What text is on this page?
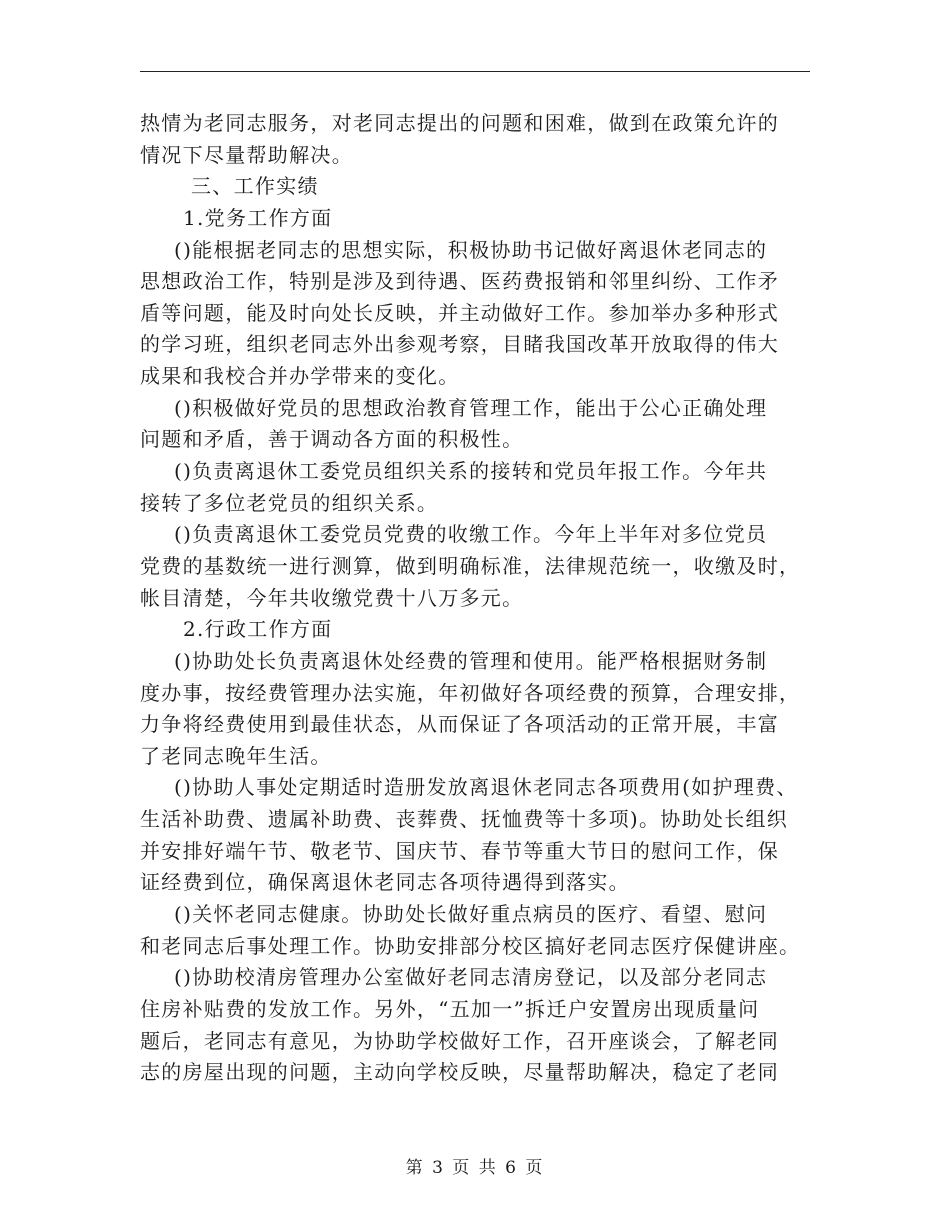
热情为老同志服务，对老同志提出的问题和困难，做到在政策允许的
情况下尽量帮助解决。
三、工作实绩
1.党务工作方面
()能根据老同志的思想实际，积极协助书记做好离退休老同志的
思想政治工作，特别是涉及到待遇、医药费报销和邻里纠纷、工作矛
盾等问题，能及时向处长反映，并主动做好工作。参加举办多种形式
的学习班，组织老同志外出参观考察，目睹我国改革开放取得的伟大
成果和我校合并办学带来的变化。
()积极做好党员的思想政治教育管理工作，能出于公心正确处理
问题和矛盾，善于调动各方面的积极性。
()负责离退休工委党员组织关系的接转和党员年报工作。今年共
接转了多位老党员的组织关系。
()负责离退休工委党员党费的收缴工作。今年上半年对多位党员
党费的基数统一进行测算，做到明确标准，法律规范统一，收缴及时，
帐目清楚，今年共收缴党费十八万多元。
2.行政工作方面
()协助处长负责离退休处经费的管理和使用。能严格根据财务制
度办事，按经费管理办法实施，年初做好各项经费的预算，合理安排，
力争将经费使用到最佳状态，从而保证了各项活动的正常开展，丰富
了老同志晚年生活。
()协助人事处定期适时造册发放离退休老同志各项费用(如护理费、
生活补助费、遗属补助费、丧葬费、抚恤费等十多项)。协助处长组织
并安排好端午节、敬老节、国庆节、春节等重大节日的慰问工作，保
证经费到位，确保离退休老同志各项待遇得到落实。
()关怀老同志健康。协助处长做好重点病员的医疗、看望、慰问
和老同志后事处理工作。协助安排部分校区搞好老同志医疗保健讲座。
()协助校清房管理办公室做好老同志清房登记，以及部分老同志
住房补贴费的发放工作。另外，“五加一”拆迁户安置房出现质量问
题后，老同志有意见，为协助学校做好工作，召开座谈会，了解老同
志的房屋出现的问题，主动向学校反映，尽量帮助解决，稳定了老同
第 3 页 共 6 页
